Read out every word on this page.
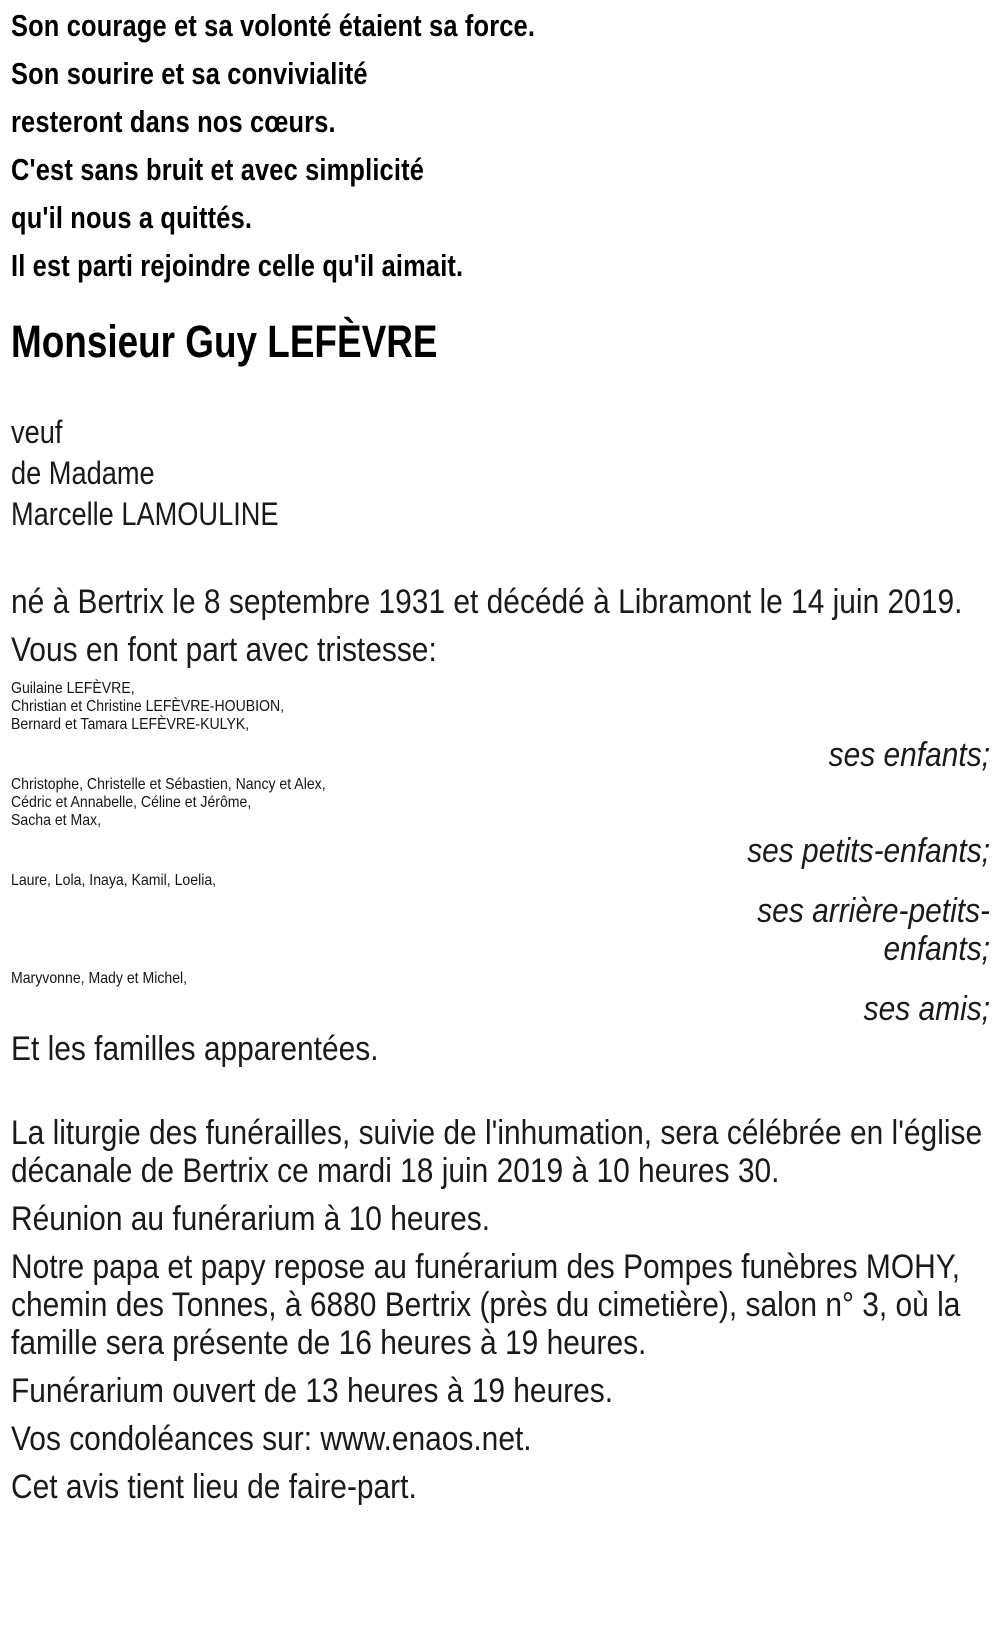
Son courage et sa volonté étaient sa force.
Son sourire et sa convivialité
resteront dans nos cœurs.
C'est sans bruit et avec simplicité
qu'il nous a quittés.
Il est parti rejoindre celle qu'il aimait.
Monsieur Guy LEFÈVRE
veuf
de Madame
Marcelle LAMOULINE
né à Bertrix le 8 septembre 1931 et décédé à Libramont le 14 juin 2019.
Vous en font part avec tristesse:
Guilaine LEFÈVRE,
Christian et Christine LEFÈVRE-HOUBION,
Bernard et Tamara LEFÈVRE-KULYK,
ses enfants;
Christophe, Christelle et Sébastien, Nancy et Alex,
Cédric et Annabelle, Céline et Jérôme,
Sacha et Max,
ses petits-enfants;
Laure, Lola, Inaya, Kamil, Loelia,
ses arrière-petits-
enfants;
Maryvonne, Mady et Michel,
ses amis;
Et les familles apparentées.
La liturgie des funérailles, suivie de l'inhumation, sera célébrée en l'église
décanale de Bertrix ce mardi 18 juin 2019 à 10 heures 30.
Réunion au funérarium à 10 heures.
Notre papa et papy repose au funérarium des Pompes funèbres MOHY,
chemin des Tonnes, à 6880 Bertrix (près du cimetière), salon n° 3, où la
famille sera présente de 16 heures à 19 heures.
Funérarium ouvert de 13 heures à 19 heures.
Vos condoléances sur: www.enaos.net.
Cet avis tient lieu de faire-part.
